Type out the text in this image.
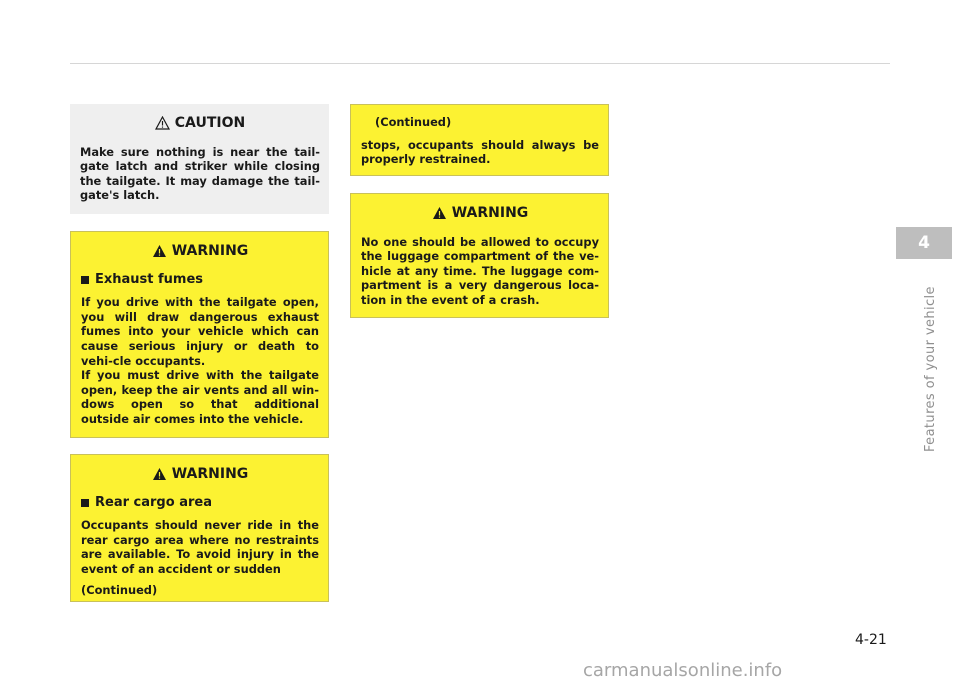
CAUTION

Make sure nothing is near the tail-gate latch and striker while closing the tailgate. It may damage the tail-gate's latch.

WARNING
Exhaust fumes

If you drive with the tailgate open, you will draw dangerous exhaust fumes into your vehicle which can cause serious injury or death to vehi-cle occupants.

If you must drive with the tailgate open, keep the air vents and all win-dows open so that additional outside air comes into the vehicle.

WARNING
Rear cargo area

Occupants should never ride in the rear cargo area where no restraints are available. To avoid injury in the event of an accident or sudden

(Continued)

(Continued)

stops, occupants should always be properly restrained.

WARNING

No one should be allowed to occupy the luggage compartment of the ve-hicle at any time. The luggage com-partment is a very dangerous loca-tion in the event of a crash.

4
Features of your vehicle
4-21
carmanualsonline.info
